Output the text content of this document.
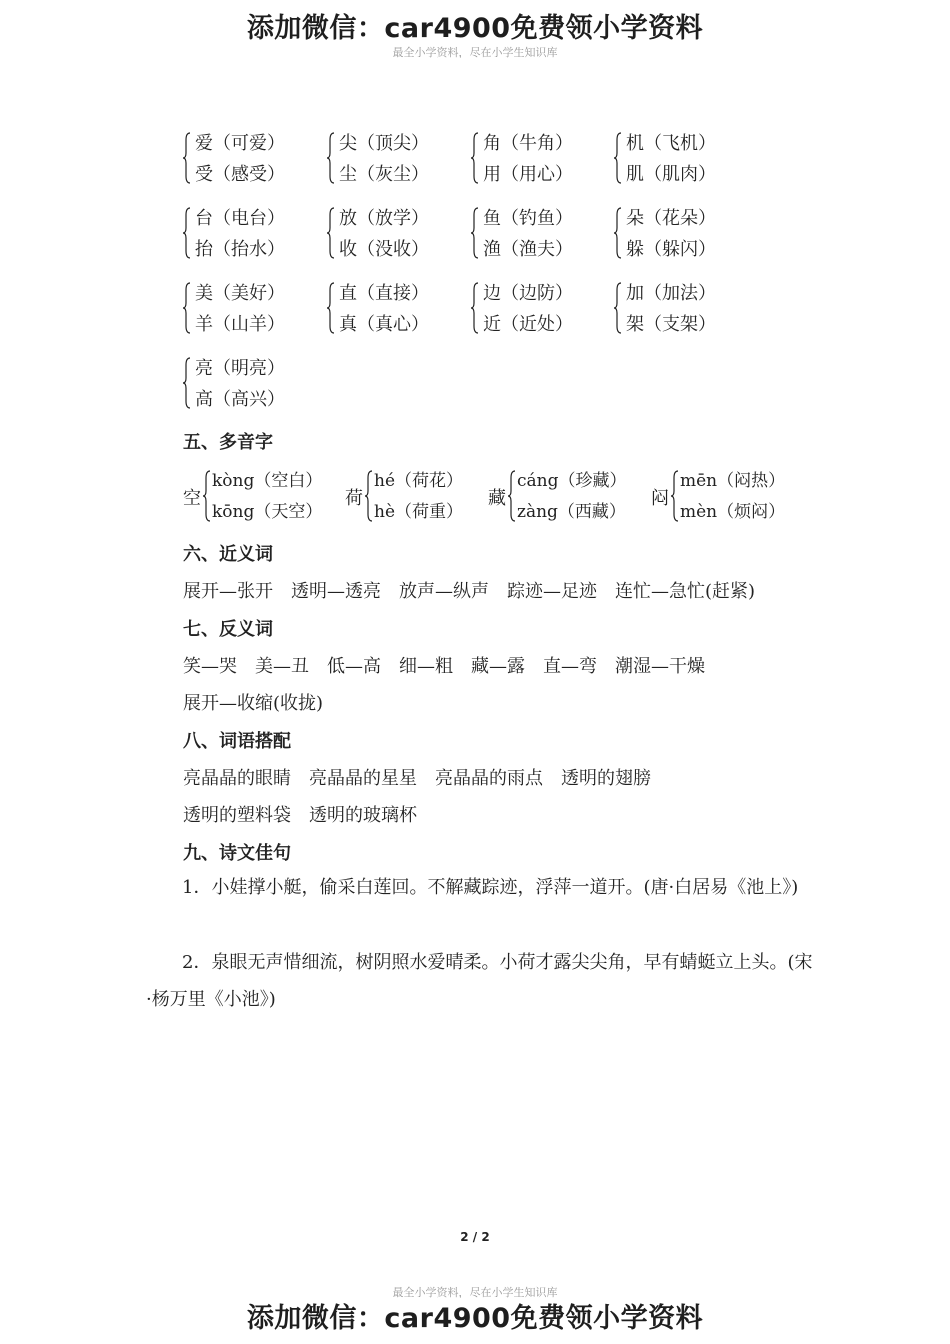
添加微信：car4900免费领小学资料
最全小学资料，尽在小学生知识库
爱（可爱）
受（感受）
尖（顶尖）
尘（灰尘）
角（牛角）
用（用心）
机（飞机）
肌（肌肉）
台（电台）
抬（抬水）
放（放学）
收（没收）
鱼（钓鱼）
渔（渔夫）
朵（花朵）
躲（躲闪）
美（美好）
羊（山羊）
直（直接）
真（真心）
边（边防）
近（近处）
加（加法）
架（支架）
亮（明亮）
高（高兴）
五、多音字
空
kòng（空白）
kōng（天空）
荷
hé（荷花）
hè（荷重）
藏
cáng（珍藏）
zàng（西藏）
闷
mēn（闷热）
mèn（烦闷）
六、近义词
展开—张开 透明—透亮 放声—纵声 踪迹—足迹 连忙—急忙(赶紧)
七、反义词
笑—哭 美—丑 低—高 细—粗 藏—露 直—弯 潮湿—干燥
展开—收缩(收拢)
八、词语搭配
亮晶晶的眼睛 亮晶晶的星星 亮晶晶的雨点 透明的翅膀
透明的塑料袋 透明的玻璃杯
九、诗文佳句
1．小娃撑小艇，偷采白莲回。不解藏踪迹，浮萍一道开。(唐·白居易《池上》)
2．泉眼无声惜细流，树阴照水爱晴柔。小荷才露尖尖角，早有蜻蜓立上头。(宋·杨万里《小池》)
2 / 2
最全小学资料，尽在小学生知识库
添加微信：car4900免费领小学资料
